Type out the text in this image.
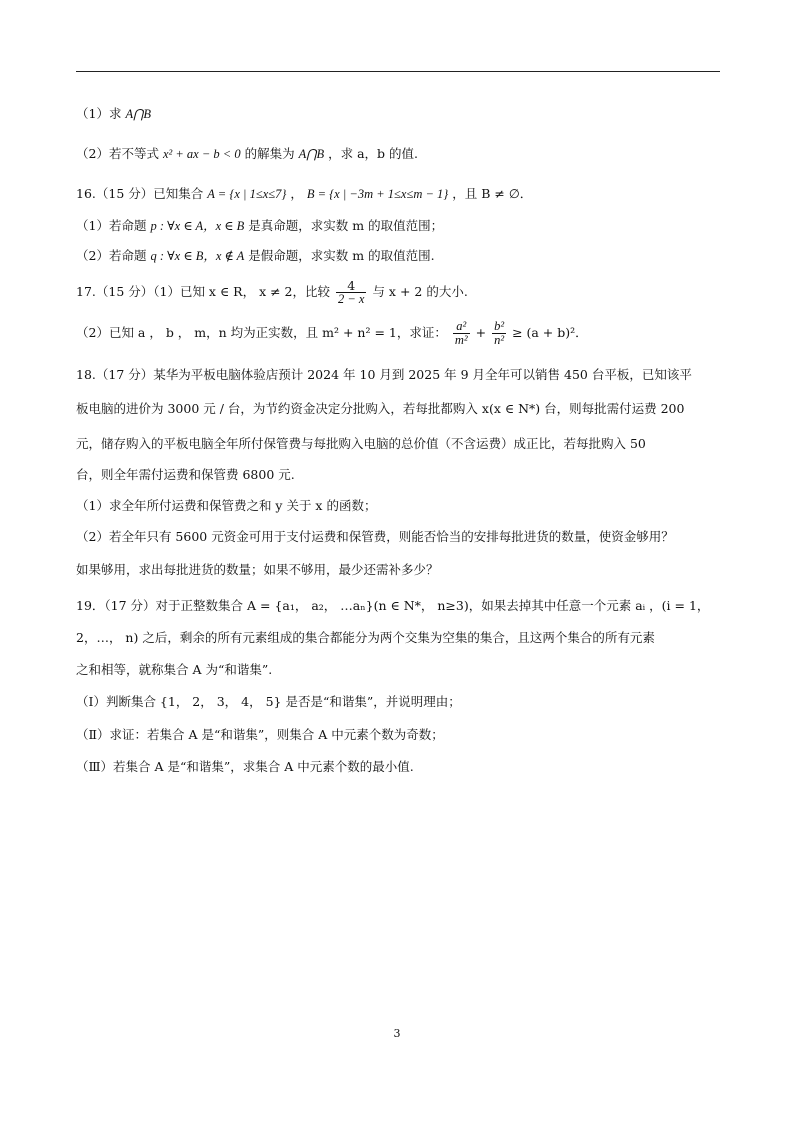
（1）求 A⋂B
（2）若不等式 x² + ax − b < 0 的解集为 A⋂B ，求 a，b 的值.
16.（15 分）已知集合 A = {x | 1≤x≤7} ， B = {x | −3m + 1≤x≤m − 1} ，且 B ≠ ∅．
（1）若命题 p : ∀x ∈ A，x ∈ B 是真命题，求实数 m 的取值范围；
（2）若命题 q : ∀x ∈ B，x ∉ A 是假命题，求实数 m 的取值范围.
17.（15 分）（1）已知 x ∈ R， x ≠ 2，比较 $\frac{4}{2 - x}$ 与 x + 2 的大小.
（2）已知 a ， b ， m，n 均为正实数，且 m² + n² = 1，求证： $\frac{\text{a²}}{\text{m²}} + \frac{\text{b²}}{\text{n²}} \ge (a + b)^2$．
18.（17 分）某华为平板电脑体验店预计 2024 年 10 月到 2025 年 9 月全年可以销售 450 台平板，已知该平
板电脑的进价为 3000 元 / 台，为节约资金决定分批购入，若每批都购入 x(x ∈ N*) 台，则每批需付运费 200
元，储存购入的平板电脑全年所付保管费与每批购入电脑的总价值（不含运费）成正比，若每批购入 50
台，则全年需付运费和保管费 6800 元.
（1）求全年所付运费和保管费之和 y 关于 x 的函数；
（2）若全年只有 5600 元资金可用于支付运费和保管费，则能否恰当的安排每批进货的数量，使资金够用？
如果够用，求出每批进货的数量；如果不够用，最少还需补多少？
19．（17 分）对于正整数集合 A = {a₁， a₂， …aₙ}(n ∈ N*， n≥3)，如果去掉其中任意一个元素 aᵢ ，(i = 1，
2，…， n) 之后，剩余的所有元素组成的集合都能分为两个交集为空集的集合，且这两个集合的所有元素
之和相等，就称集合 A 为“和谐集”.
（Ⅰ）判断集合 {1， 2， 3， 4， 5} 是否是“和谐集”，并说明理由；
（Ⅱ）求证：若集合 A 是“和谐集”，则集合 A 中元素个数为奇数；
（Ⅲ）若集合 A 是“和谐集”，求集合 A 中元素个数的最小值.
3
